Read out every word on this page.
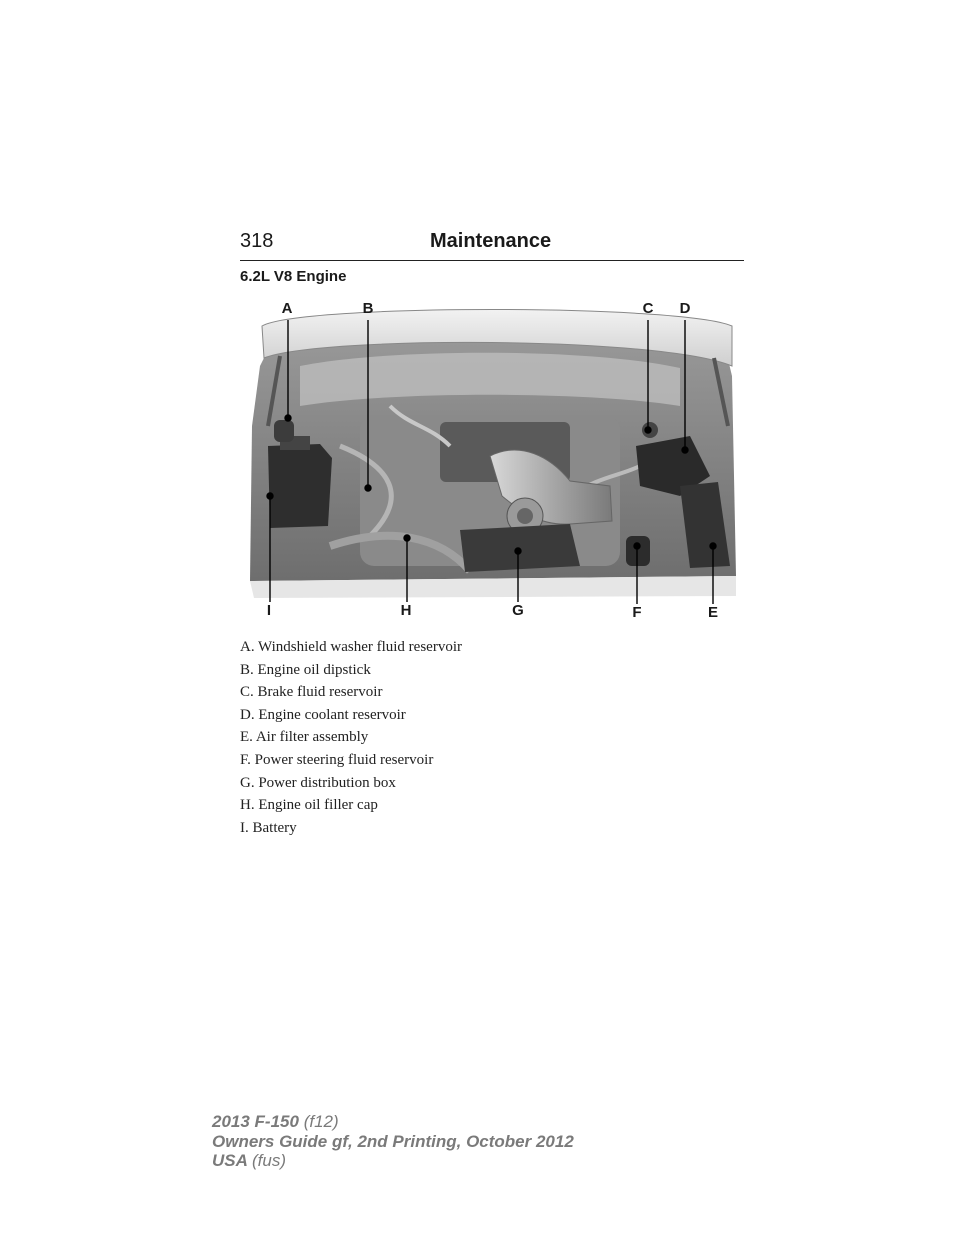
318	Maintenance
6.2L V8 Engine
A	B	C	D
I	H	G	F	E
A. Windshield washer fluid reservoir
B. Engine oil dipstick
C. Brake fluid reservoir
D. Engine coolant reservoir
E. Air filter assembly
F. Power steering fluid reservoir
G. Power distribution box
H. Engine oil filler cap
I. Battery
2013 F-150 (f12)
Owners Guide gf, 2nd Printing, October 2012
USA (fus)
